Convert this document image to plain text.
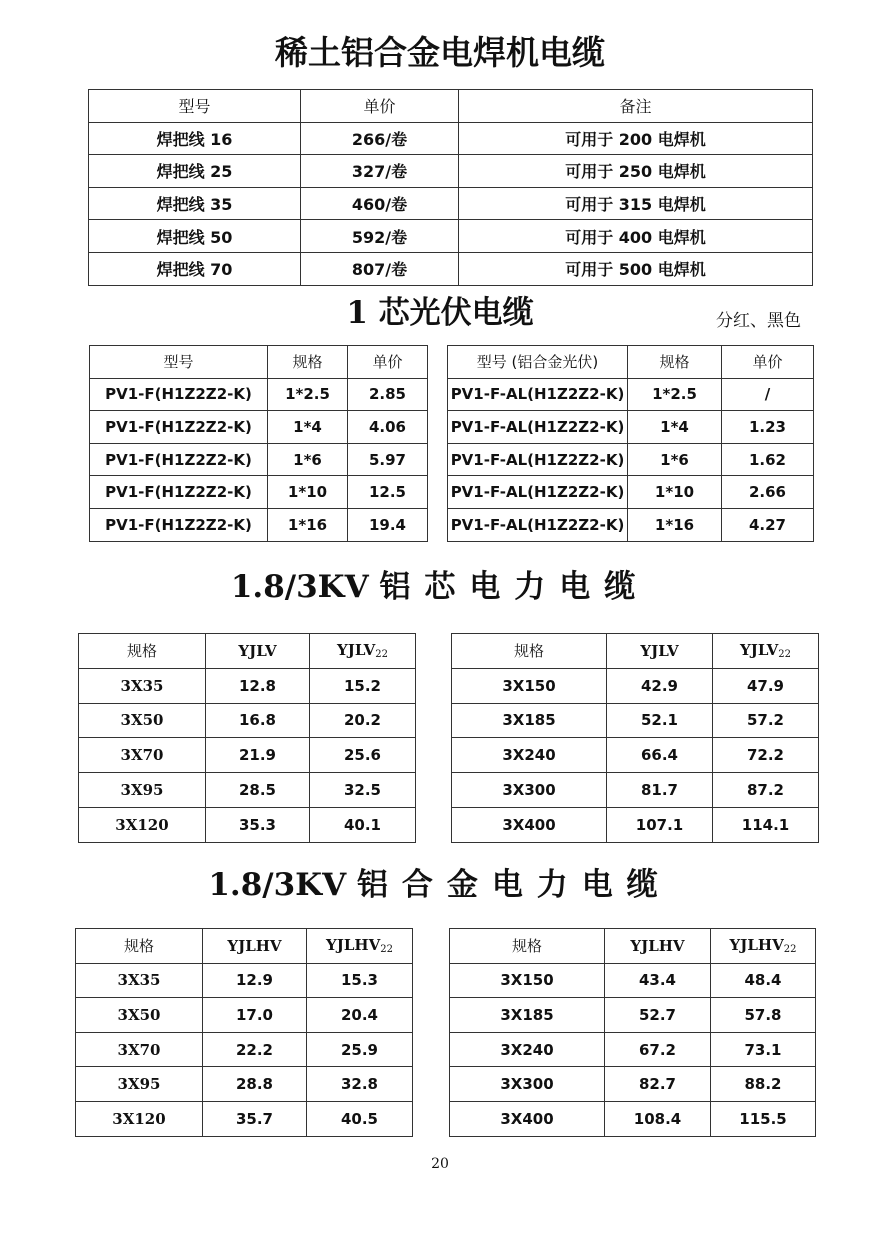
稀土铝合金电焊机电缆
型号	单价	备注
焊把线 16	266/卷	可用于 200 电焊机
焊把线 25	327/卷	可用于 250 电焊机
焊把线 35	460/卷	可用于 315 电焊机
焊把线 50	592/卷	可用于 400 电焊机
焊把线 70	807/卷	可用于 500 电焊机
1 芯光伏电缆	分红、黑色
型号	规格	单价		型号 (铝合金光伏)	规格	单价
PV1-F(H1Z2Z2-K)	1*2.5	2.85		PV1-F-AL(H1Z2Z2-K)	1*2.5	/
PV1-F(H1Z2Z2-K)	1*4	4.06		PV1-F-AL(H1Z2Z2-K)	1*4	1.23
PV1-F(H1Z2Z2-K)	1*6	5.97		PV1-F-AL(H1Z2Z2-K)	1*6	1.62
PV1-F(H1Z2Z2-K)	1*10	12.5		PV1-F-AL(H1Z2Z2-K)	1*10	2.66
PV1-F(H1Z2Z2-K)	1*16	19.4		PV1-F-AL(H1Z2Z2-K)	1*16	4.27
1.8/3KV 铝芯电力电缆
规格	YJLV	$YJLV_{22}$		规格	YJLV	$YJLV_{22}$
3X35	12.8	15.2		3X150	42.9	47.9
3X50	16.8	20.2		3X185	52.1	57.2
3X70	21.9	25.6		3X240	66.4	72.2
3X95	28.5	32.5		3X300	81.7	87.2
3X120	35.3	40.1		3X400	107.1	114.1
1.8/3KV 铝合金电力电缆
规格	YJLHV	$YJLHV_{22}$		规格	YJLHV	$YJLHV_{22}$
3X35	12.9	15.3		3X150	43.4	48.4
3X50	17.0	20.4		3X185	52.7	57.8
3X70	22.2	25.9		3X240	67.2	73.1
3X95	28.8	32.8		3X300	82.7	88.2
3X120	35.7	40.5		3X400	108.4	115.5
20
